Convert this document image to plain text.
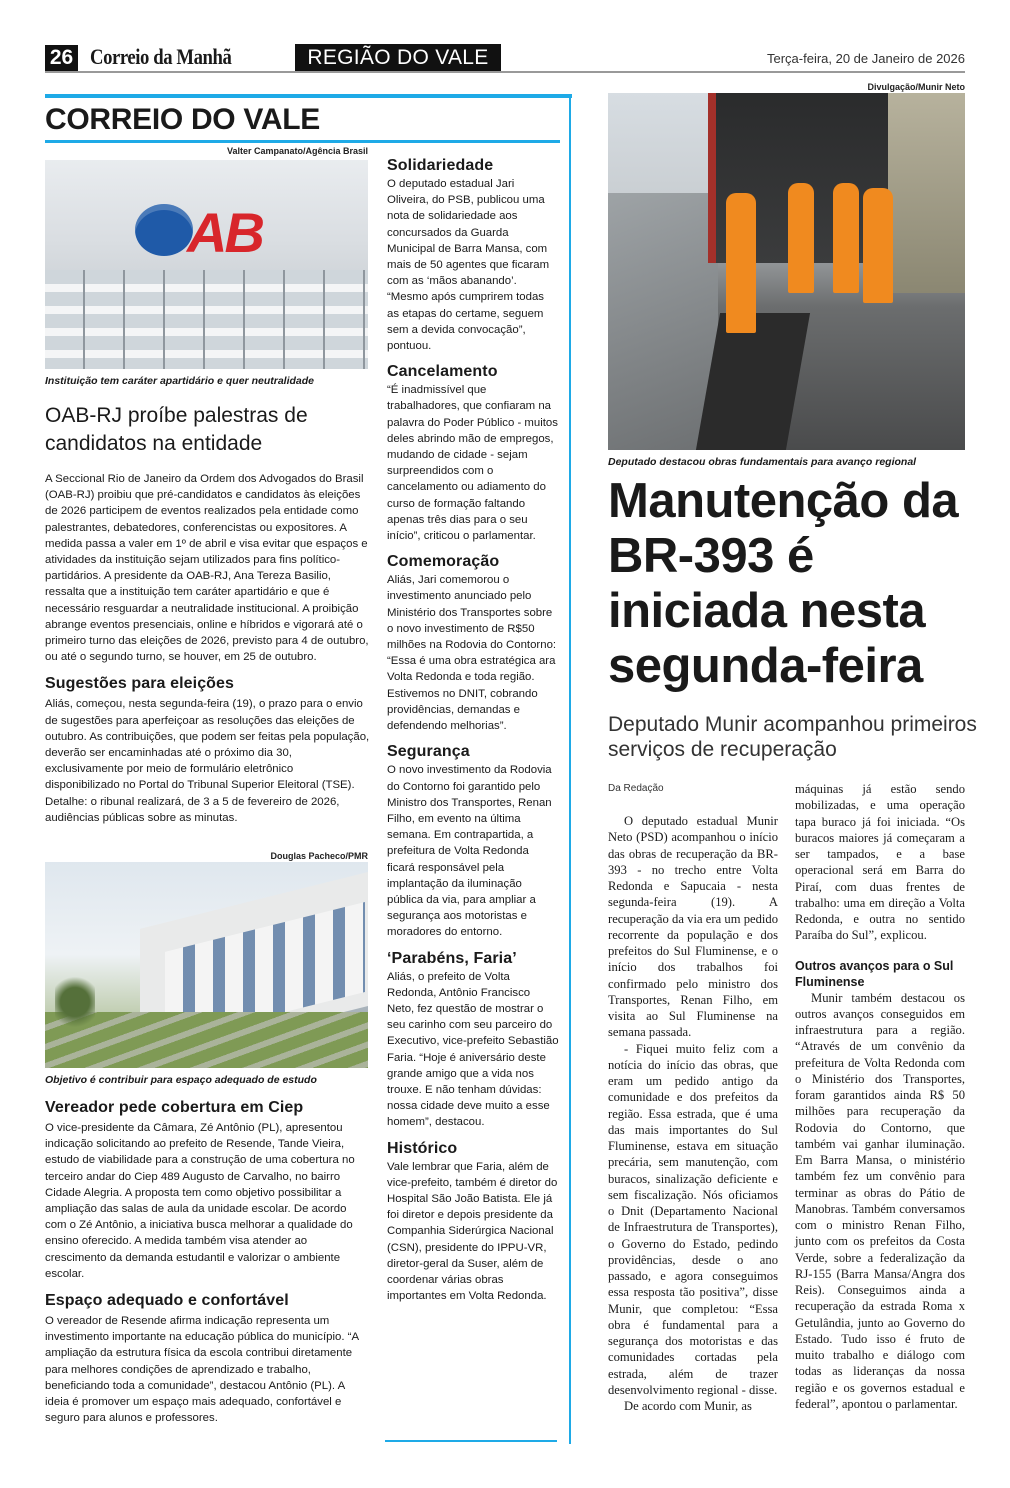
26 Correio da Manhã	REGIÃO DO VALE	Terça-feira, 20 de Janeiro de 2026
CORREIO DO VALE
Valter Campanato/Agência Brasil
AB
Instituição tem caráter apartidário e quer neutralidade
OAB-RJ proíbe palestras de candidatos na entidade

A Seccional Rio de Janeiro da Ordem dos Advogados do Brasil (OAB-RJ) proibiu que pré-candidatos e candidatos às eleições de 2026 participem de eventos realizados pela entidade como palestrantes, debatedores, conferencistas ou expositores. A medida passa a valer em 1º de abril e visa evitar que espaços e atividades da instituição sejam utilizados para fins político-partidários. A presidente da OAB-RJ, Ana Tereza Basilio, ressalta que a instituição tem caráter apartidário e que é necessário resguardar a neutralidade institucional. A proibição abrange eventos presenciais, online e híbridos e vigorará até o primeiro turno das eleições de 2026, previsto para 4 de outubro, ou até o segundo turno, se houver, em 25 de outubro.

Sugestões para eleições

Aliás, começou, nesta segunda-feira (19), o prazo para o envio de sugestões para aperfeiçoar as resoluções das eleições de outubro. As contribuições, que podem ser feitas pela população, deverão ser encaminhadas até o próximo dia 30, exclusivamente por meio de formulário eletrônico disponibilizado no Portal do Tribunal Superior Eleitoral (TSE). Detalhe: o ribunal realizará, de 3 a 5 de fevereiro de 2026, audiências públicas sobre as minutas.

Douglas Pacheco/PMR
Objetivo é contribuir para espaço adequado de estudo
Vereador pede cobertura em Ciep

O vice-presidente da Câmara, Zé Antônio (PL), apresentou indicação solicitando ao prefeito de Resende, Tande Vieira, estudo de viabilidade para a construção de uma cobertura no terceiro andar do Ciep 489 Augusto de Carvalho, no bairro Cidade Alegria. A proposta tem como objetivo possibilitar a ampliação das salas de aula da unidade escolar. De acordo com o Zé Antônio, a iniciativa busca melhorar a qualidade do ensino oferecido. A medida também visa atender ao crescimento da demanda estudantil e valorizar o ambiente escolar.

Espaço adequado e confortável

O vereador de Resende afirma indicação representa um investimento importante na educação pública do município. “A ampliação da estrutura física da escola contribui diretamente para melhores condições de aprendizado e trabalho, beneficiando toda a comunidade”, destacou Antônio (PL). A ideia é promover um espaço mais adequado, confortável e seguro para alunos e professores.

Solidariedade

O deputado estadual Jari Oliveira, do PSB, publicou uma nota de solidariedade aos concursados da Guarda Municipal de Barra Mansa, com mais de 50 agentes que ficaram com as ‘mãos abanando’. “Mesmo após cumprirem todas as etapas do certame, seguem sem a devida convocação”, pontuou.

Cancelamento

“É inadmissível que trabalhadores, que confiaram na palavra do Poder Público - muitos deles abrindo mão de empregos, mudando de cidade - sejam surpreendidos com o cancelamento ou adiamento do curso de formação faltando apenas três dias para o seu início”, criticou o parlamentar.

Comemoração

Aliás, Jari comemorou o investimento anunciado pelo Ministério dos Transportes sobre o novo investimento de R$50 milhões na Rodovia do Contorno: “Essa é uma obra estratégica ara Volta Redonda e toda região. Estivemos no DNIT, cobrando providências, demandas e defendendo melhorias”.

Segurança

O novo investimento da Rodovia do Contorno foi garantido pelo Ministro dos Transportes, Renan Filho, em evento na última semana. Em contrapartida, a prefeitura de Volta Redonda ficará responsável pela implantação da iluminação pública da via, para ampliar a segurança aos motoristas e moradores do entorno.

‘Parabéns, Faria’

Aliás, o prefeito de Volta Redonda, Antônio Francisco Neto, fez questão de mostrar o seu carinho com seu parceiro do Executivo, vice-prefeito Sebastião Faria. “Hoje é aniversário deste grande amigo que a vida nos trouxe. E não tenham dúvidas: nossa cidade deve muito a esse homem”, destacou.

Histórico

Vale lembrar que Faria, além de vice-prefeito, também é diretor do Hospital São João Batista. Ele já foi diretor e depois presidente da Companhia Siderúrgica Nacional (CSN), presidente do IPPU-VR, diretor-geral da Suser, além de coordenar várias obras importantes em Volta Redonda.

Divulgação/Munir Neto
Deputado destacou obras fundamentais para avanço regional
Manutenção da BR-393 é iniciada nesta segunda-feira
Deputado Munir acompanhou primeiros serviços de recuperação
Da Redação

O deputado estadual Munir Neto (PSD) acompanhou o início das obras de recuperação da BR-393 - no trecho entre Volta Redonda e Sapucaia - nesta segunda-feira (19). A recuperação da via era um pedido recorrente da população e dos prefeitos do Sul Fluminense, e o início dos trabalhos foi confirmado pelo ministro dos Transportes, Renan Filho, em visita ao Sul Fluminense na semana passada.

- Fiquei muito feliz com a notícia do início das obras, que eram um pedido antigo da comunidade e dos prefeitos da região. Essa estrada, que é uma das mais importantes do Sul Fluminense, estava em situação precária, sem manutenção, com buracos, sinalização deficiente e sem fiscalização. Nós oficiamos o Dnit (Departamento Nacional de Infraestrutura de Transportes), o Governo do Estado, pedindo providências, desde o ano passado, e agora conseguimos essa resposta tão positiva”, disse Munir, que completou: “Essa obra é fundamental para a segurança dos motoristas e das comunidades cortadas pela estrada, além de trazer desenvolvimento regional - disse.

De acordo com Munir, as

máquinas já estão sendo mobilizadas, e uma operação tapa buraco já foi iniciada. “Os buracos maiores já começaram a ser tampados, e a base operacional será em Barra do Piraí, com duas frentes de trabalho: uma em direção a Volta Redonda, e outra no sentido Paraíba do Sul”, explicou.

Outros avanços para o Sul Fluminense

Munir também destacou os outros avanços conseguidos em infraestrutura para a região. “Através de um convênio da prefeitura de Volta Redonda com o Ministério dos Transportes, foram garantidos ainda R$ 50 milhões para recuperação da Rodovia do Contorno, que também vai ganhar iluminação. Em Barra Mansa, o ministério também fez um convênio para terminar as obras do Pátio de Manobras. Também conversamos com o ministro Renan Filho, junto com os prefeitos da Costa Verde, sobre a federalização da RJ-155 (Barra Mansa/Angra dos Reis). Conseguimos ainda a recuperação da estrada Roma x Getulândia, junto ao Governo do Estado. Tudo isso é fruto de muito trabalho e diálogo com todas as lideranças da nossa região e os governos estadual e federal”, apontou o parlamentar.
